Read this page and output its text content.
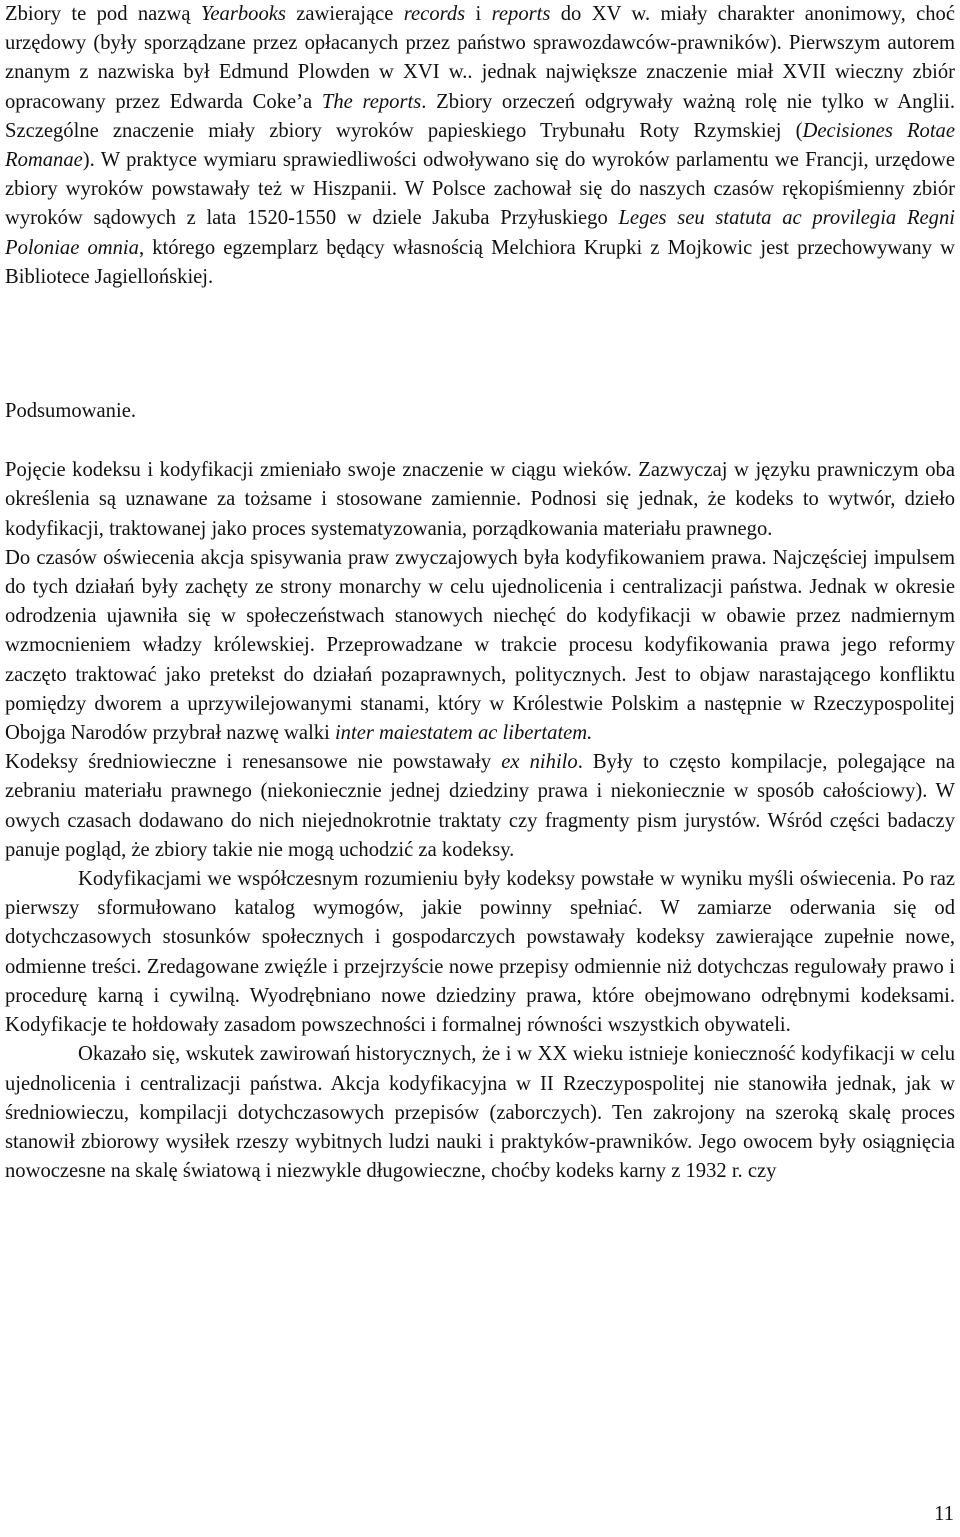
Zbiory te pod nazwą Yearbooks zawierające records i reports do XV w. miały charakter anonimowy, choć urzędowy (były sporządzane przez opłacanych przez państwo sprawozdawców-prawników). Pierwszym autorem znanym z nazwiska był Edmund Plowden w XVI w.. jednak największe znaczenie miał XVII wieczny zbiór opracowany przez Edwarda Coke’a The reports. Zbiory orzeczeń odgrywały ważną rolę nie tylko w Anglii. Szczególne znaczenie miały zbiory wyroków papieskiego Trybunału Roty Rzymskiej (Decisiones Rotae Romanae). W praktyce wymiaru sprawiedliwości odwoływano się do wyroków parlamentu we Francji, urzędowe zbiory wyroków powstawały też w Hiszpanii. W Polsce zachował się do naszych czasów rękopiśmienny zbiór wyroków sądowych z lata 1520-1550 w dziele Jakuba Przyłuskiego Leges seu statuta ac provilegia Regni Poloniae omnia, którego egzemplarz będący własnością Melchiora Krupki z Mojkowic jest przechowywany w Bibliotece Jagiellońskiej.

Podsumowanie.

Pojęcie kodeksu i kodyfikacji zmieniało swoje znaczenie w ciągu wieków. Zazwyczaj w języku prawniczym oba określenia są uznawane za tożsame i stosowane zamiennie. Podnosi się jednak, że kodeks to wytwór, dzieło kodyfikacji, traktowanej jako proces systematyzowania, porządkowania materiału prawnego.

Do czasów oświecenia akcja spisywania praw zwyczajowych była kodyfikowaniem prawa. Najczęściej impulsem do tych działań były zachęty ze strony monarchy w celu ujednolicenia i centralizacji państwa. Jednak w okresie odrodzenia ujawniła się w społeczeństwach stanowych niechęć do kodyfikacji w obawie przez nadmiernym wzmocnieniem władzy królewskiej. Przeprowadzane w trakcie procesu kodyfikowania prawa jego reformy zaczęto traktować jako pretekst do działań pozaprawnych, politycznych. Jest to objaw narastającego konfliktu pomiędzy dworem a uprzywilejowanymi stanami, który w Królestwie Polskim a następnie w Rzeczypospolitej Obojga Narodów przybrał nazwę walki inter maiestatem ac libertatem.

Kodeksy średniowieczne i renesansowe nie powstawały ex nihilo. Były to często kompilacje, polegające na zebraniu materiału prawnego (niekoniecznie jednej dziedziny prawa i niekoniecznie w sposób całościowy). W owych czasach dodawano do nich niejednokrotnie traktaty czy fragmenty pism jurystów. Wśród części badaczy panuje pogląd, że zbiory takie nie mogą uchodzić za kodeksy.

Kodyfikacjami we współczesnym rozumieniu były kodeksy powstałe w wyniku myśli oświecenia. Po raz pierwszy sformułowano katalog wymogów, jakie powinny spełniać. W zamiarze oderwania się od dotychczasowych stosunków społecznych i gospodarczych powstawały kodeksy zawierające zupełnie nowe, odmienne treści. Zredagowane zwięźle i przejrzyście nowe przepisy odmiennie niż dotychczas regulowały prawo i procedurę karną i cywilną. Wyodrębniano nowe dziedziny prawa, które obejmowano odrębnymi kodeksami. Kodyfikacje te hołdowały zasadom powszechności i formalnej równości wszystkich obywateli.

Okazało się, wskutek zawirowań historycznych, że i w XX wieku istnieje konieczność kodyfikacji w celu ujednolicenia i centralizacji państwa. Akcja kodyfikacyjna w II Rzeczypospolitej nie stanowiła jednak, jak w średniowieczu, kompilacji dotychczasowych przepisów (zaborczych). Ten zakrojony na szeroką skalę proces stanowił zbiorowy wysiłek rzeszy wybitnych ludzi nauki i praktyków-prawników. Jego owocem były osiągnięcia nowoczesne na skalę światową i niezwykle długowieczne, choćby kodeks karny z 1932 r. czy

11
